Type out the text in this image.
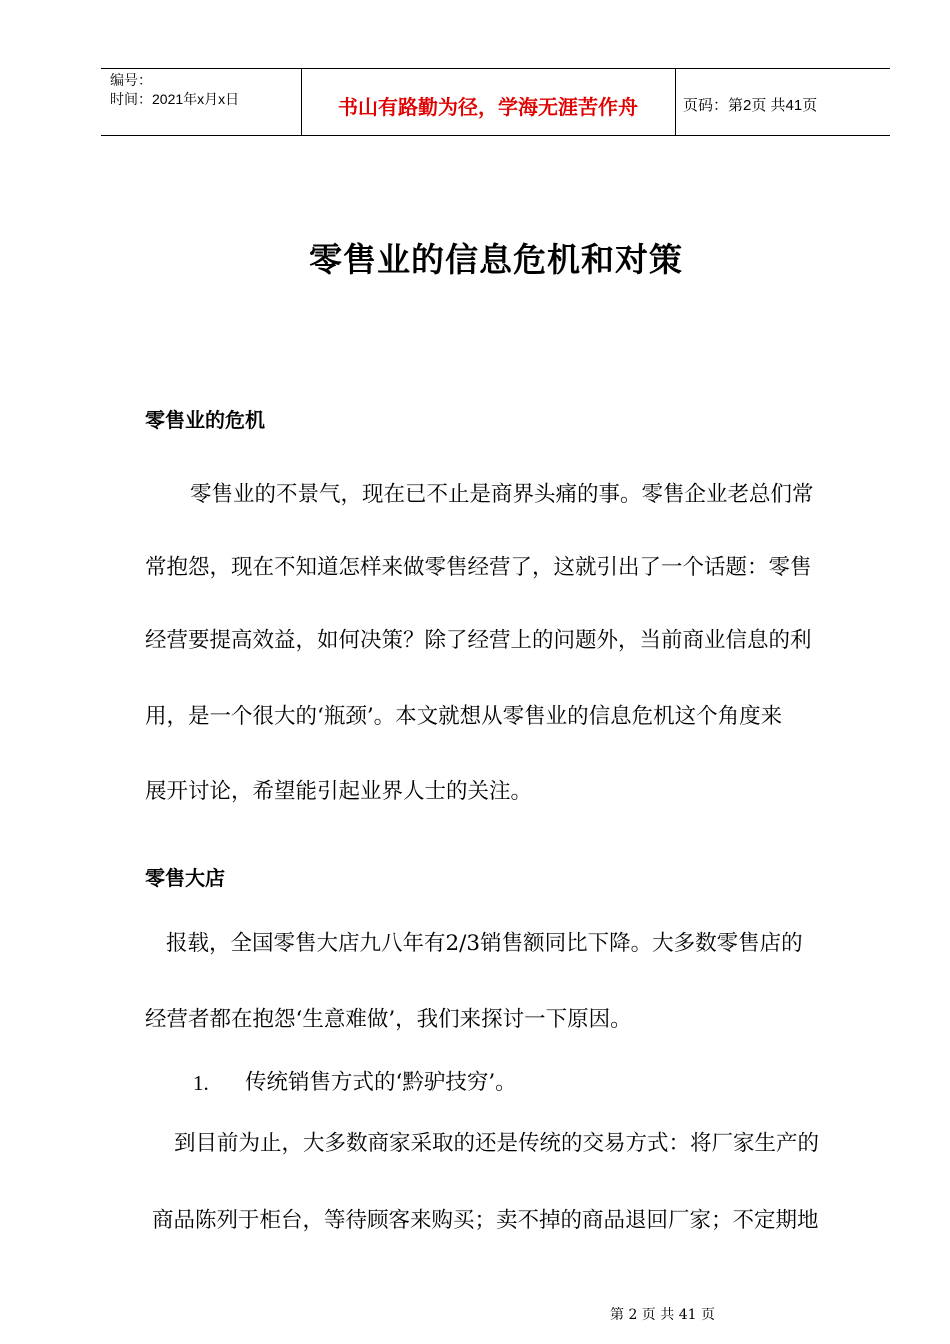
编号：
时间：2021年x月x日	书山有路勤为径，学海无涯苦作舟	页码：第2页 共41页
零售业的信息危机和对策
零售业的危机
零售业的不景气，现在已不止是商界头痛的事。零售企业老总们常
常抱怨，现在不知道怎样来做零售经营了，这就引出了一个话题：零售
经营要提高效益，如何决策？除了经营上的问题外，当前商业信息的利
用，是一个很大的‘瓶颈’。本文就想从零售业的信息危机这个角度来
展开讨论，希望能引起业界人士的关注。
零售大店
报载，全国零售大店九八年有2/3销售额同比下降。大多数零售店的
经营者都在抱怨‘生意难做’，我们来探讨一下原因。
1. 传统销售方式的‘黔驴技穷’。
到目前为止，大多数商家采取的还是传统的交易方式：将厂家生产的
商品陈列于柜台，等待顾客来购买；卖不掉的商品退回厂家；不定期地
第 2 页 共 41 页
